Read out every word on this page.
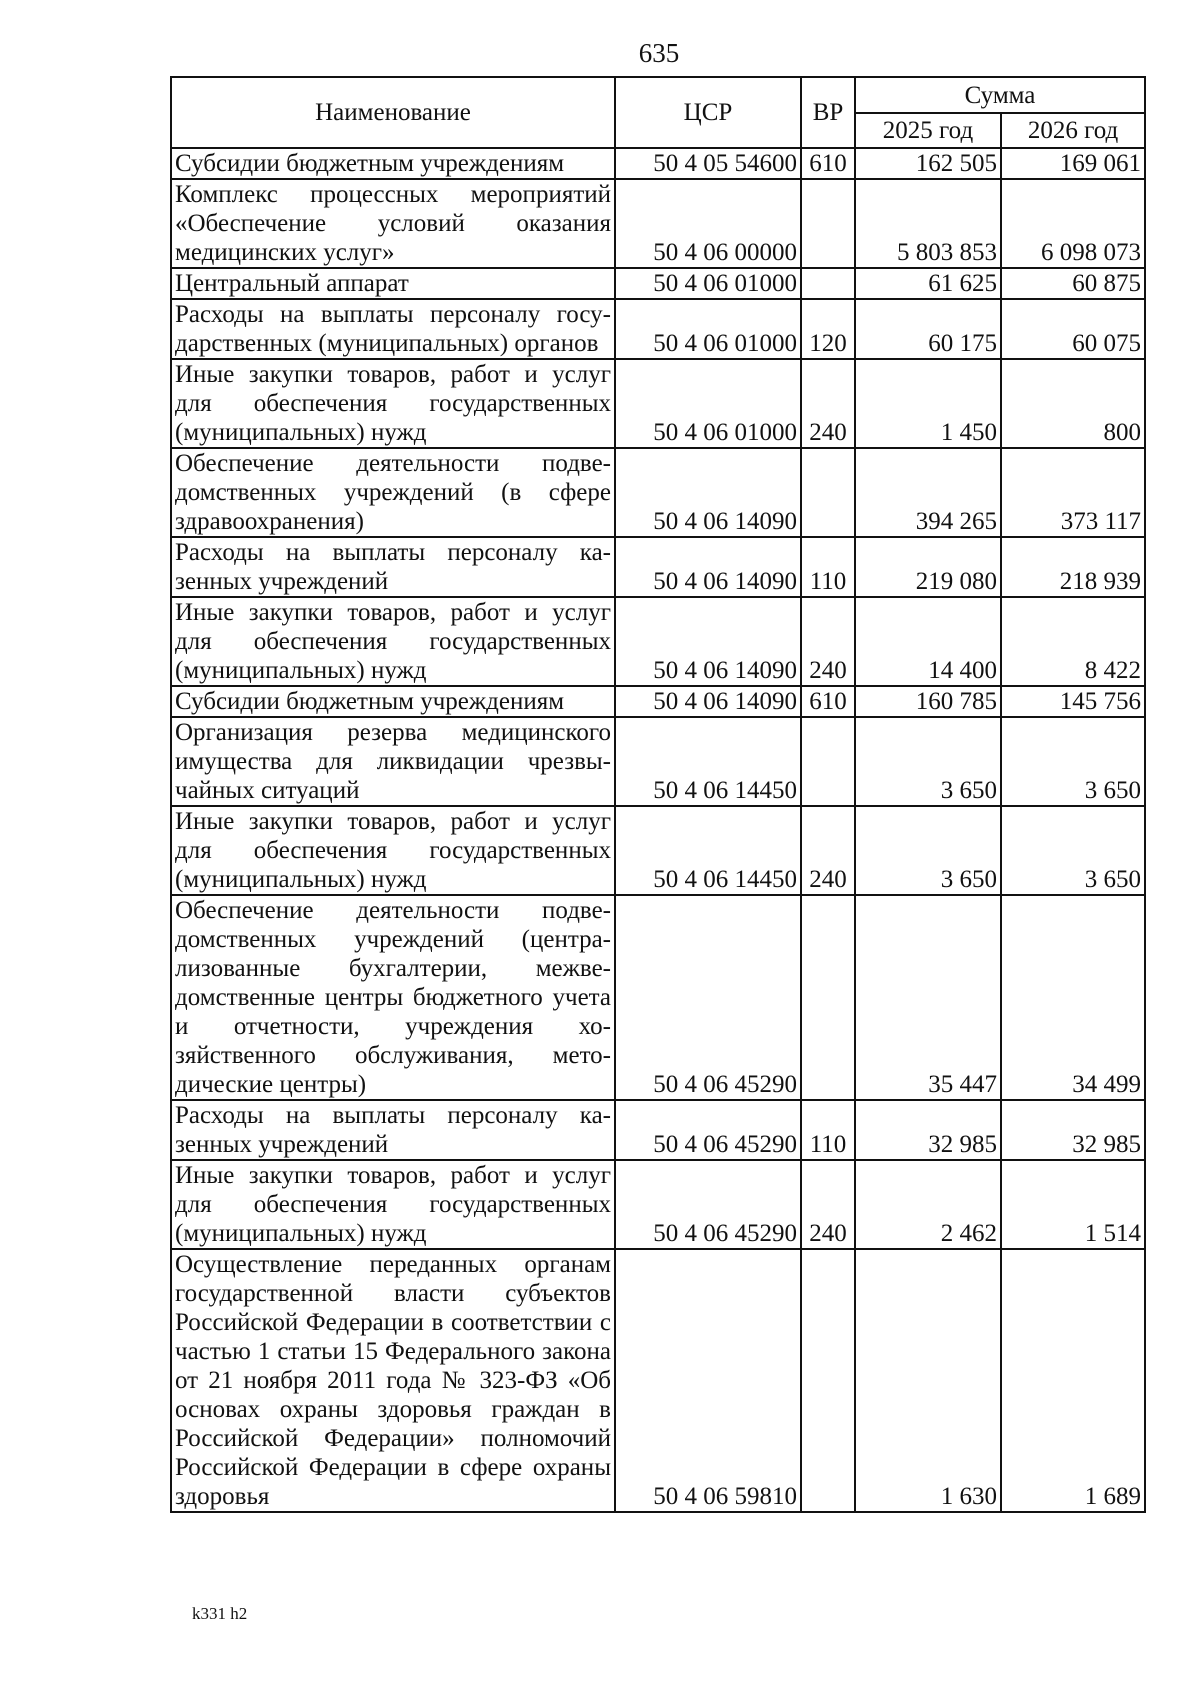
635
Наименование	ЦСР	ВР	Сумма	
			2025 год	2026 год
Субсидии бюджетным учреждениям	50 4 05 54600	610	162 505	169 061
Комплекс процессных мероприятий «Обеспечение условий оказания медицинских услуг»	50 4 06 00000		5 803 853	6 098 073
Центральный аппарат	50 4 06 01000		61 625	60 875
Расходы на выплаты персоналу государственных (муниципальных) органов	50 4 06 01000	120	60 175	60 075
Иные закупки товаров, работ и услуг для обеспечения государственных (муниципальных) нужд	50 4 06 01000	240	1 450	800
Обеспечение деятельности подведомственных учреждений (в сфере здравоохранения)	50 4 06 14090		394 265	373 117
Расходы на выплаты персоналу казенных учреждений	50 4 06 14090	110	219 080	218 939
Иные закупки товаров, работ и услуг для обеспечения государственных (муниципальных) нужд	50 4 06 14090	240	14 400	8 422
Субсидии бюджетным учреждениям	50 4 06 14090	610	160 785	145 756
Организация резерва медицинского имущества для ликвидации чрезвычайных ситуаций	50 4 06 14450		3 650	3 650
Иные закупки товаров, работ и услуг для обеспечения государственных (муниципальных) нужд	50 4 06 14450	240	3 650	3 650
Обеспечение деятельности подведомственных учреждений (централизованные бухгалтерии, межведомственные центры бюджетного учета и отчетности, учреждения хозяйственного обслуживания, методические центры)	50 4 06 45290		35 447	34 499
Расходы на выплаты персоналу казенных учреждений	50 4 06 45290	110	32 985	32 985
Иные закупки товаров, работ и услуг для обеспечения государственных (муниципальных) нужд	50 4 06 45290	240	2 462	1 514
Осуществление переданных органам государственной власти субъектов Российской Федерации в соответствии с частью 1 статьи 15 Федерального закона от 21 ноября 2011 года № 323-ФЗ «Об основах охраны здоровья граждан в Российской Федерации» полномочий Российской Федерации в сфере охраны здоровья	50 4 06 59810		1 630	1 689
k331 h2
